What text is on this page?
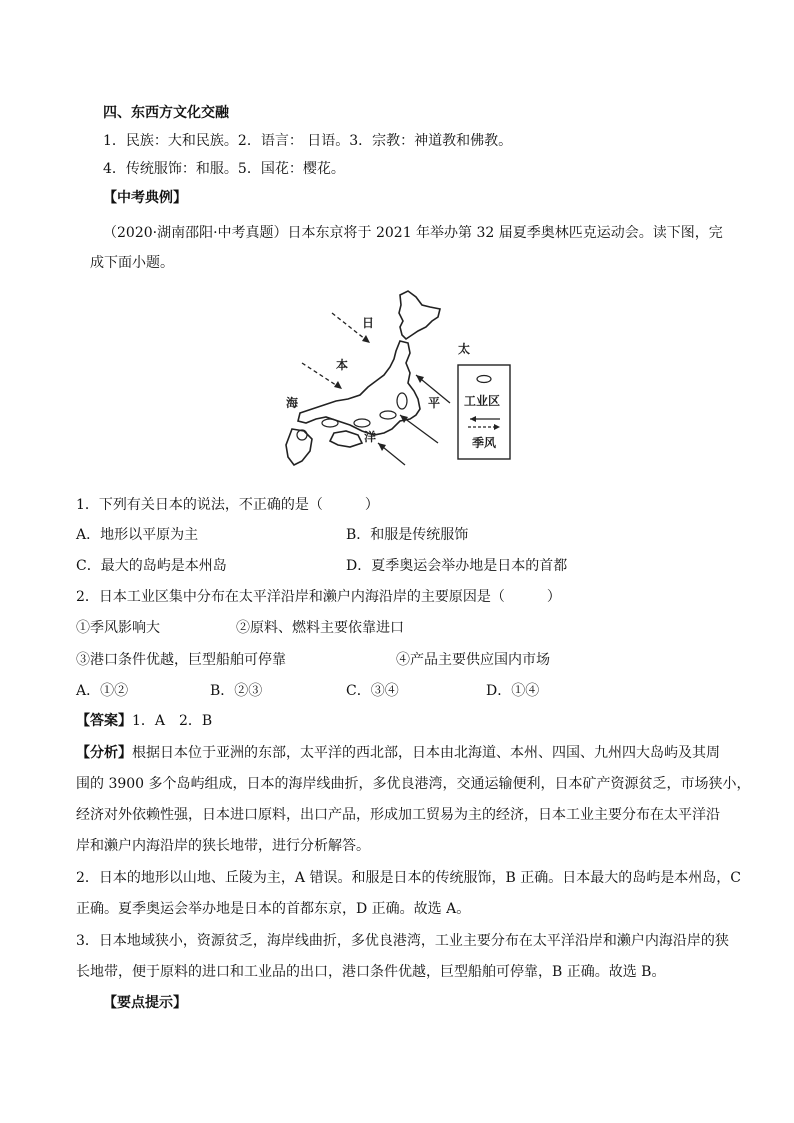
四、东西方文化交融
1．民族：大和民族。2．语言： 日语。3．宗教：神道教和佛教。
4．传统服饰：和服。5．国花：樱花。
【中考典例】
（2020·湖南邵阳·中考真题）日本东京将于 2021 年举办第 32 届夏季奥林匹克运动会。读下图，完
成下面小题。
日
本
海
太
平
洋
工业区
季风
1．下列有关日本的说法，不正确的是（　　　）
A．地形以平原为主	B．和服是传统服饰
C．最大的岛屿是本州岛	D．夏季奥运会举办地是日本的首都
2．日本工业区集中分布在太平洋沿岸和濑户内海沿岸的主要原因是（　　　）
①季风影响大	②原料、燃料主要依靠进口
③港口条件优越，巨型船舶可停靠	④产品主要供应国内市场
A．①②	B．②③	C．③④	D．①④
【答案】1．A　2．B
【分析】根据日本位于亚洲的东部，太平洋的西北部，日本由北海道、本州、四国、九州四大岛屿及其周
围的 3900 多个岛屿组成，日本的海岸线曲折，多优良港湾，交通运输便利，日本矿产资源贫乏，市场狭小，
经济对外依赖性强，日本进口原料，出口产品，形成加工贸易为主的经济，日本工业主要分布在太平洋沿
岸和濑户内海沿岸的狭长地带，进行分析解答。
2．日本的地形以山地、丘陵为主，A 错误。和服是日本的传统服饰，B 正确。日本最大的岛屿是本州岛，C
正确。夏季奥运会举办地是日本的首都东京，D 正确。故选 A。
3．日本地域狭小，资源贫乏，海岸线曲折，多优良港湾，工业主要分布在太平洋沿岸和濑户内海沿岸的狭
长地带，便于原料的进口和工业品的出口，港口条件优越，巨型船舶可停靠，B 正确。故选 B。
【要点提示】
